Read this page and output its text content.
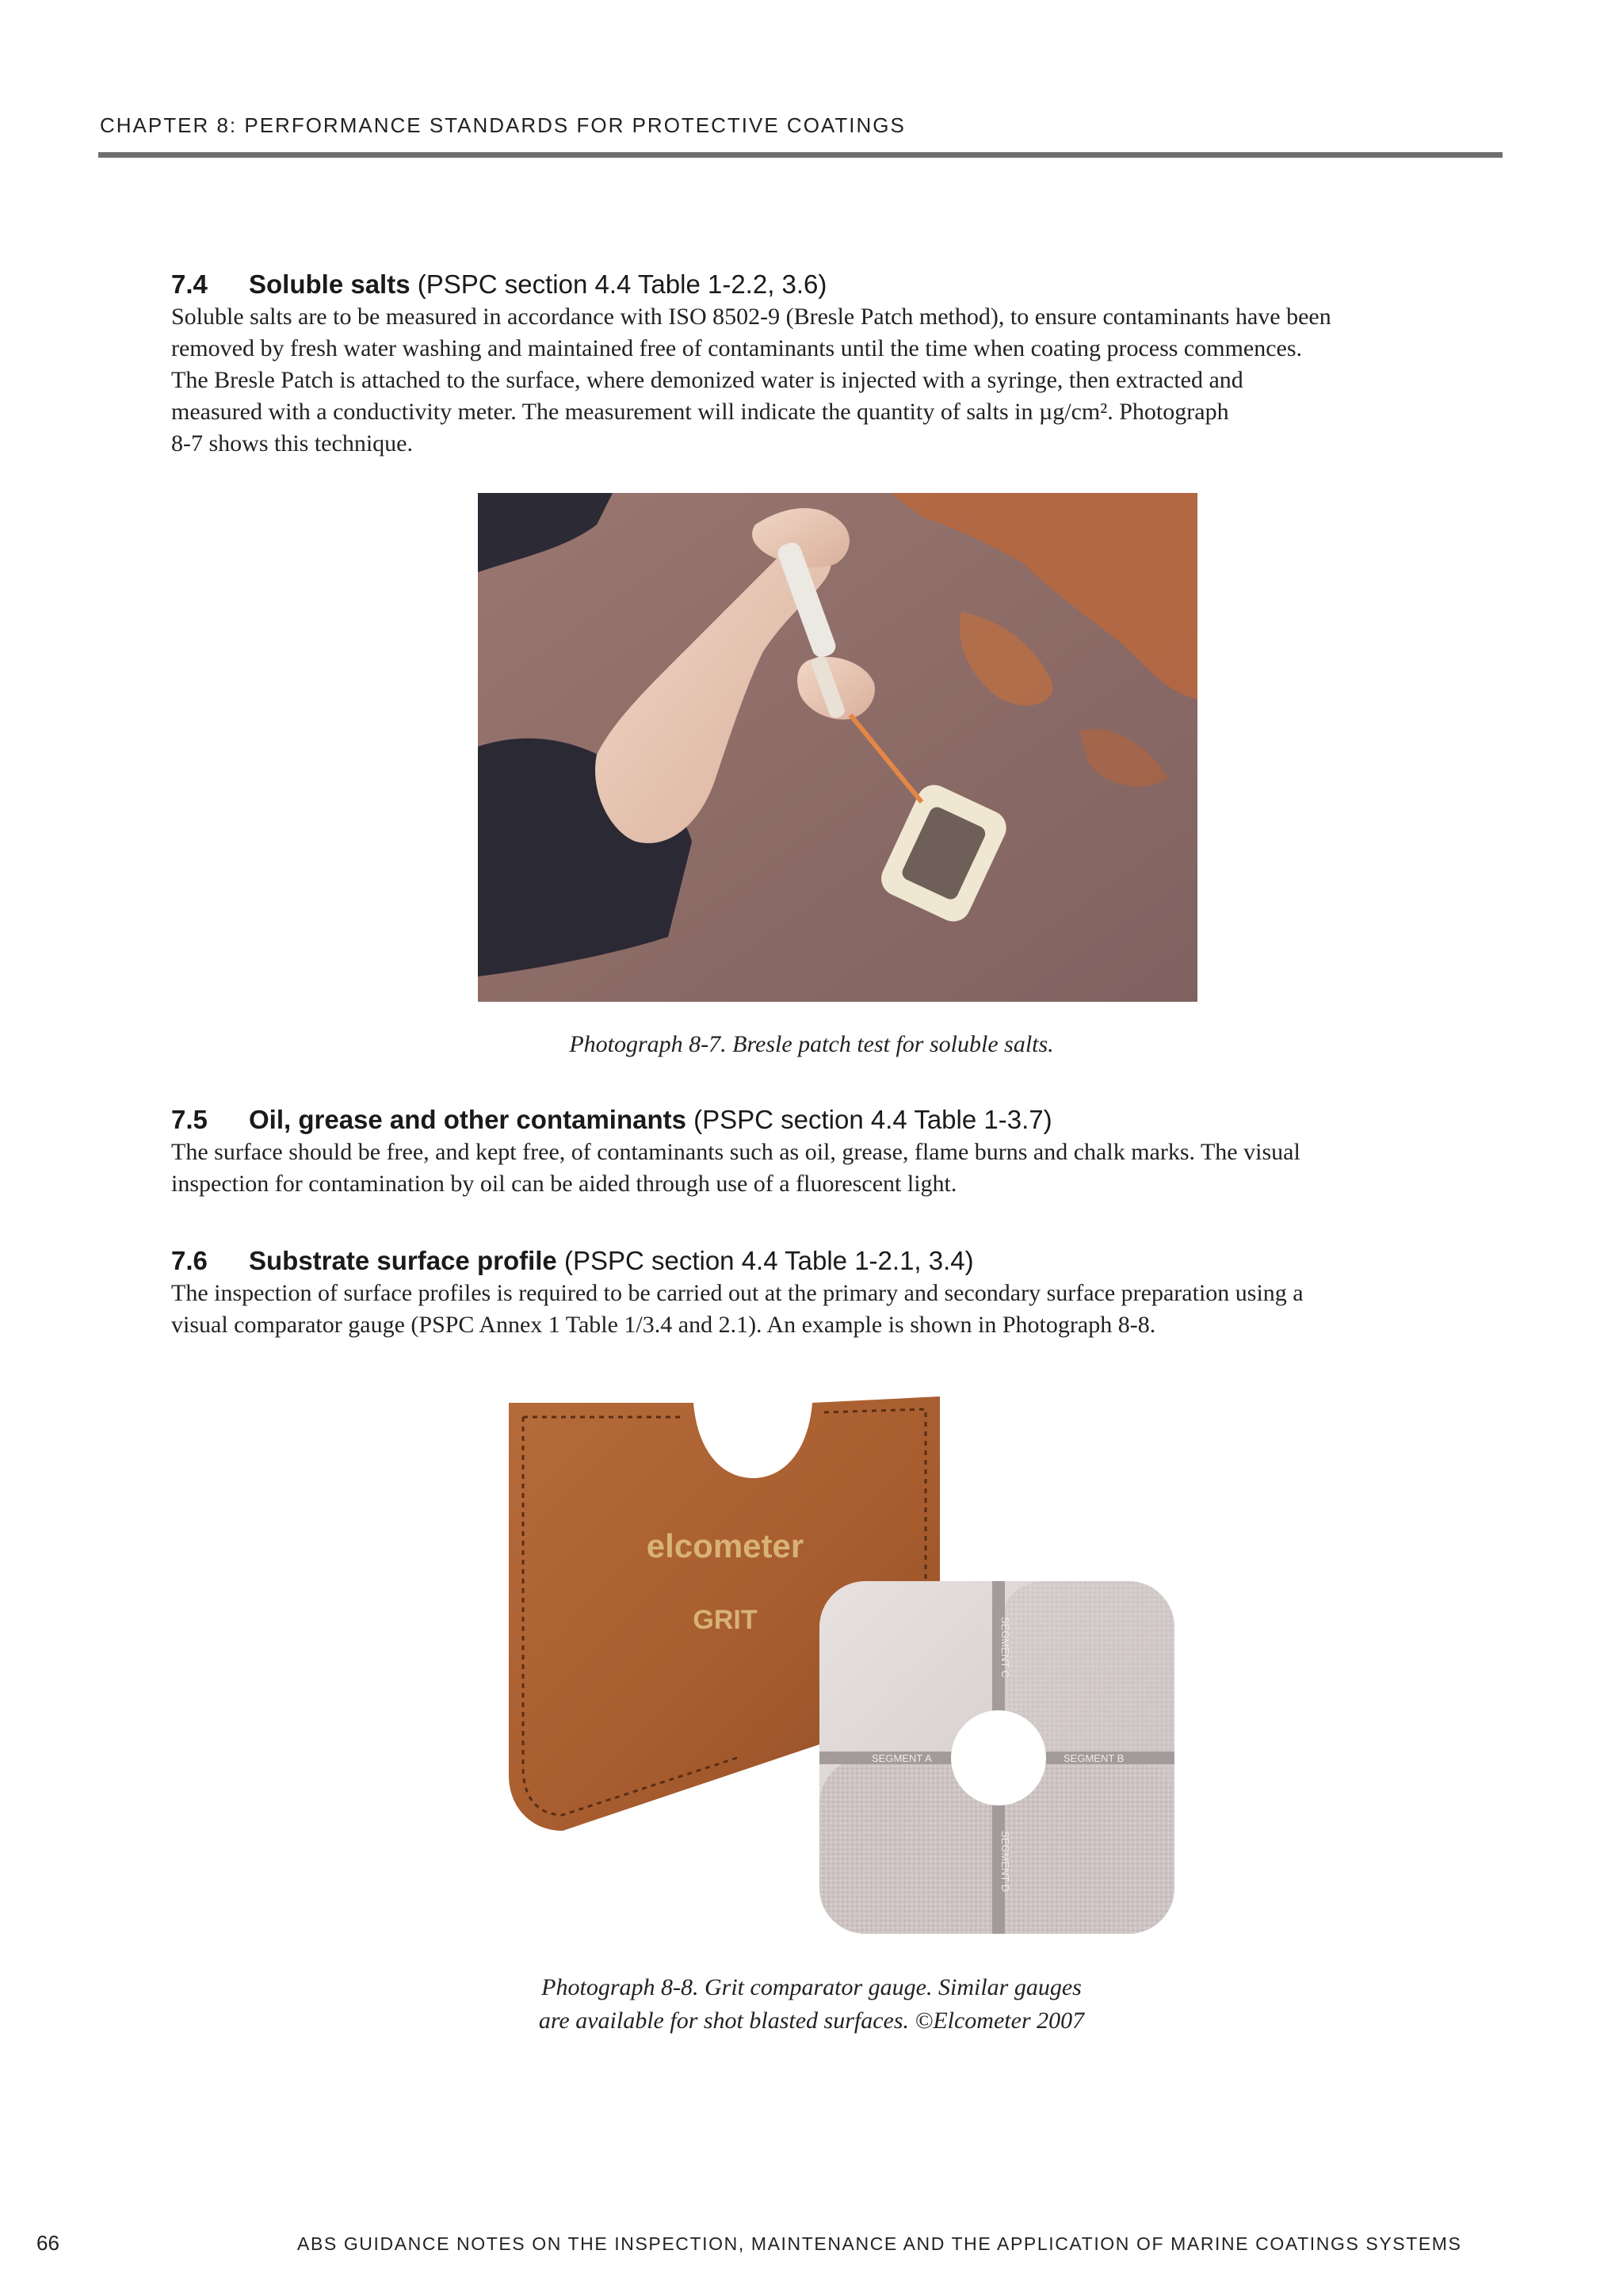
CHAPTER 8: PERFORMANCE STANDARDS FOR PROTECTIVE COATINGS

7.4 Soluble salts (PSPC section 4.4 Table 1-2.2, 3.6)

Soluble salts are to be measured in accordance with ISO 8502-9 (Bresle Patch method), to ensure contaminants have been

removed by fresh water washing and maintained free of contaminants until the time when coating process commences.

The Bresle Patch is attached to the surface, where demonized water is injected with a syringe, then extracted and

measured with a conductivity meter. The measurement will indicate the quantity of salts in µg/cm². Photograph

8-7 shows this technique.

Photograph 8-7. Bresle patch test for soluble salts.

7.5 Oil, grease and other contaminants (PSPC section 4.4 Table 1-3.7)

The surface should be free, and kept free, of contaminants such as oil, grease, flame burns and chalk marks. The visual

inspection for contamination by oil can be aided through use of a fluorescent light.

7.6 Substrate surface profile (PSPC section 4.4 Table 1-2.1, 3.4)

The inspection of surface profiles is required to be carried out at the primary and secondary surface preparation using a

visual comparator gauge (PSPC Annex 1 Table 1/3.4 and 2.1). An example is shown in Photograph 8-8.

elcometer
GRIT
SEGMENT A	SEGMENT B
SEGMENT C
SEGMENT D

Photograph 8-8. Grit comparator gauge. Similar gauges

are available for shot blasted surfaces. ©Elcometer 2007

66	ABS GUIDANCE NOTES ON THE INSPECTION, MAINTENANCE AND THE APPLICATION OF MARINE COATINGS SYSTEMS
